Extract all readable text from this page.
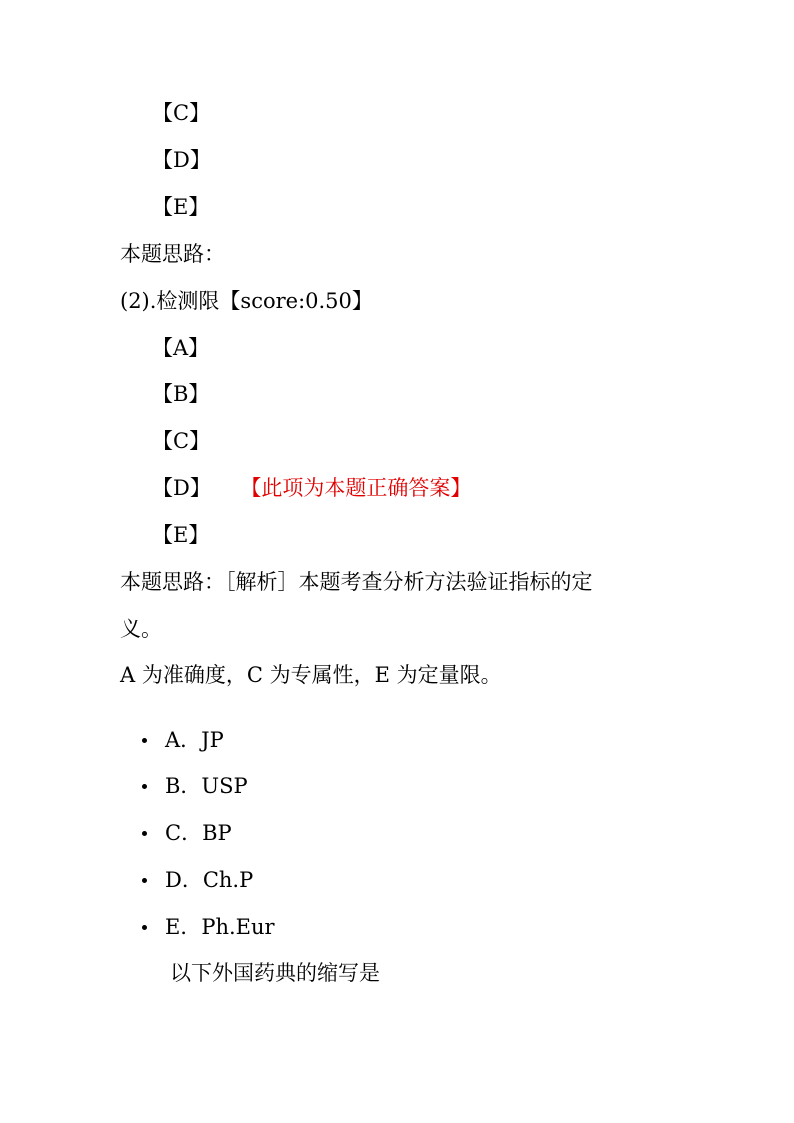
【C】
【D】
【E】
本题思路：
(2).检测限【score:0.50】
【A】
【B】
【C】
【D】 【此项为本题正确答案】
【E】
本题思路：［解析］本题考查分析方法验证指标的定
义。
A 为准确度，C 为专属性，E 为定量限。
A．JP
B．USP
C．BP
D．Ch.P
E．Ph.Eur
以下外国药典的缩写是
